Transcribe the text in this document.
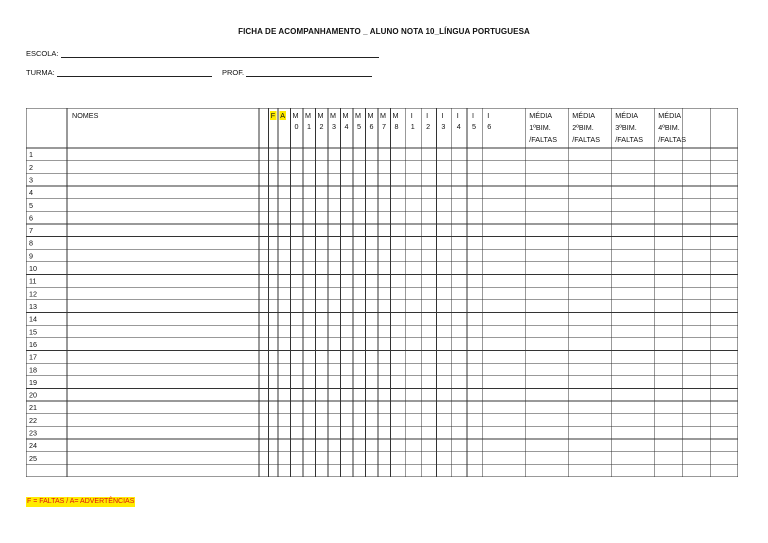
FICHA DE ACOMPANHAMENTO _ ALUNO NOTA 10_LÍNGUA PORTUGUESA
ESCOLA:
TURMA:	PROF.
F A M
0
M
1
M
2
M
3
M
4
M
5
M
6
M
7
M
8
I
1
I
2
I
3
I
4
I
5
I
6
MÉDIA
1ºBIM.
/FALTAS
MÉDIA
2ºBIM.
/FALTAS
MÉDIA
3ºBIM.
/FALTAS
MÉDIA
4ºBIM.
/FALTAS
NOMES
1
2
3
4
5
6
7
8
9
10
11
12
13
14
15
16
17
18
19
20
21
22
23
24
25
F = FALTAS / A= ADVERTÊNCIAS
